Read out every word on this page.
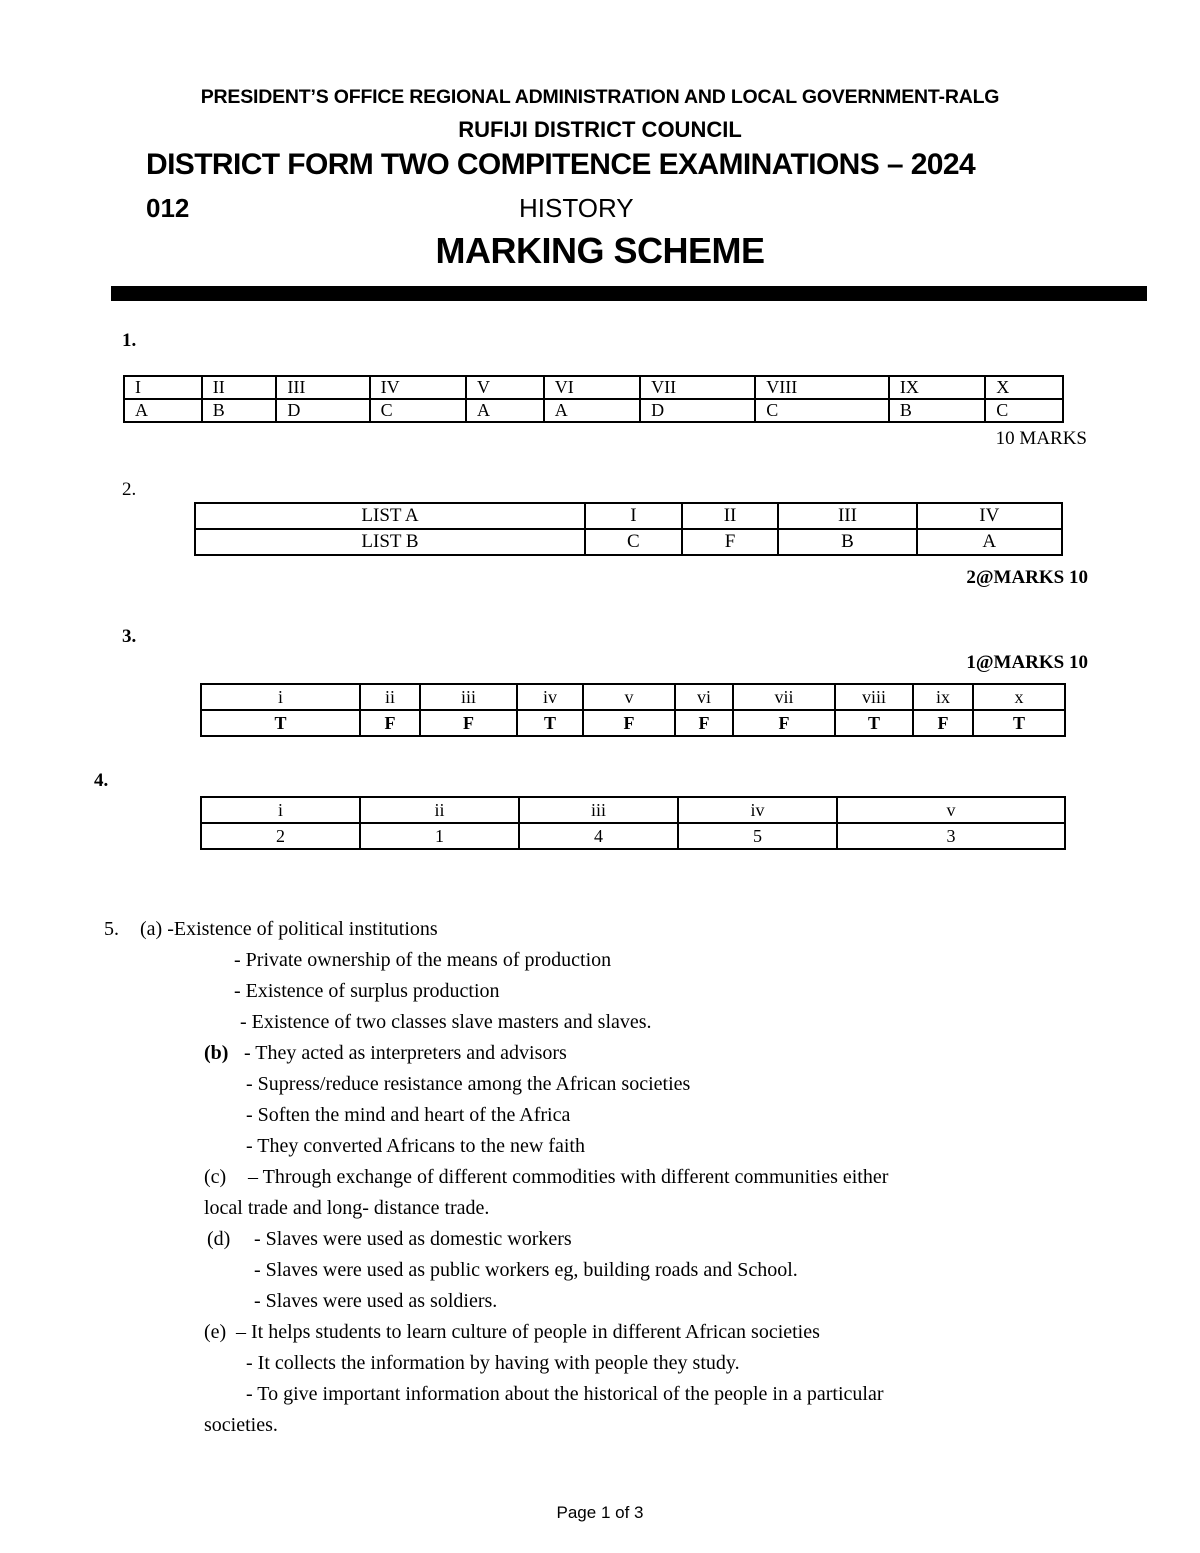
PRESIDENT’S OFFICE REGIONAL ADMINISTRATION AND LOCAL GOVERNMENT-RALG
RUFIJI DISTRICT COUNCIL
DISTRICT FORM TWO COMPITENCE EXAMINATIONS – 2024
012	HISTORY
MARKING SCHEME
1.
I	II	III	IV	V	VI	VII	VIII	IX	X
A	B	D	C	A	A	D	C	B	C
10 MARKS
2.
LIST A	I	II	III	IV
LIST B	C	F	B	A
2@MARKS 10
3.
1@MARKS 10
i	ii	iii	iv	v	vi	vii	viii	ix	x
T	F	F	T	F	F	F	T	F	T
4.
i	ii	iii	iv	v
2	1	4	5	3
5. (a) -Existence of political institutions
- Private ownership of the means of production
- Existence of surplus production
- Existence of two classes slave masters and slaves.
(b) - They acted as interpreters and advisors
- Supress/reduce resistance among the African societies
- Soften the mind and heart of the Africa
- They converted Africans to the new faith
(c) – Through exchange of different commodities with different communities either
local trade and long- distance trade.
(d) - Slaves were used as domestic workers
- Slaves were used as public workers eg, building roads and School.
- Slaves were used as soldiers.
(e) – It helps students to learn culture of people in different African societies
- It collects the information by having with people they study.
- To give important information about the historical of the people in a particular
societies.
Page 1 of 3
